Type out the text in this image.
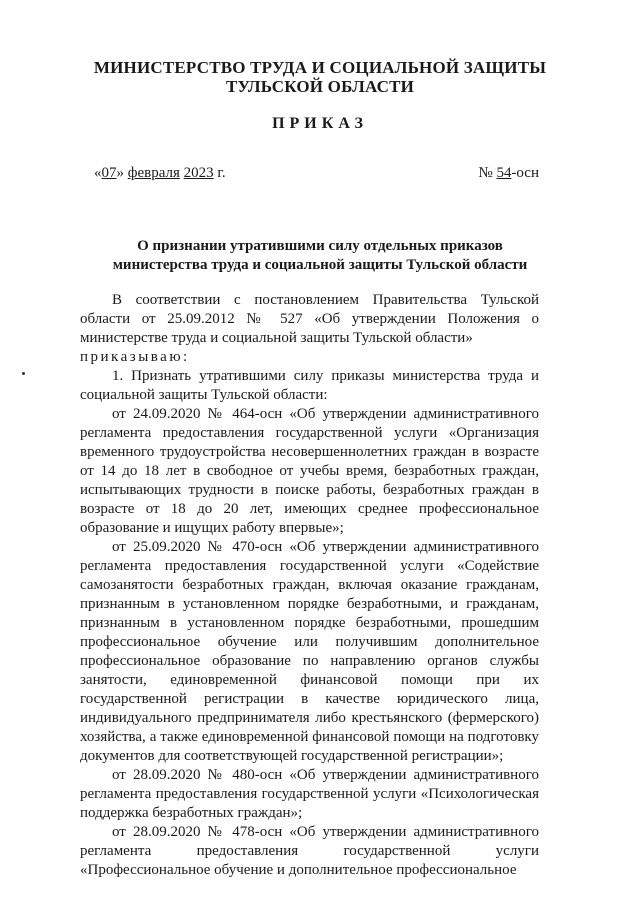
МИНИСТЕРСТВО ТРУДА И СОЦИАЛЬНОЙ ЗАЩИТЫ
ТУЛЬСКОЙ ОБЛАСТИ
ПРИКАЗ
«07» февраля 2023 г.	№ 54-осн
О признании утратившими силу отдельных приказов
министерства труда и социальной защиты Тульской области

В соответствии с постановлением Правительства Тульской области от 25.09.2012 № 527 «Об утверждении Положения о министерстве труда и социальной защиты Тульской области»
приказываю:

1. Признать утратившими силу приказы министерства труда и социальной защиты Тульской области:

от 24.09.2020 № 464-осн «Об утверждении административного регламента предоставления государственной услуги «Организация временного трудоустройства несовершеннолетних граждан в возрасте от 14 до 18 лет в свободное от учебы время, безработных граждан, испытывающих трудности в поиске работы, безработных граждан в возрасте от 18 до 20 лет, имеющих среднее профессиональное образование и ищущих работу впервые»;

от 25.09.2020 № 470-осн «Об утверждении административного регламента предоставления государственной услуги «Содействие самозанятости безработных граждан, включая оказание гражданам, признанным в установленном порядке безработными, и гражданам, признанным в установленном порядке безработными, прошедшим профессиональное обучение или получившим дополнительное профессиональное образование по направлению органов службы занятости, единовременной финансовой помощи при их государственной регистрации в качестве юридического лица, индивидуального предпринимателя либо крестьянского (фермерского) хозяйства, а также единовременной финансовой помощи на подготовку документов для соответствующей государственной регистрации»;

от 28.09.2020 № 480-осн «Об утверждении административного регламента предоставления государственной услуги «Психологическая поддержка безработных граждан»;

от 28.09.2020 № 478-осн «Об утверждении административного регламента предоставления государственной услуги «Профессиональное обучение и дополнительное профессиональное
